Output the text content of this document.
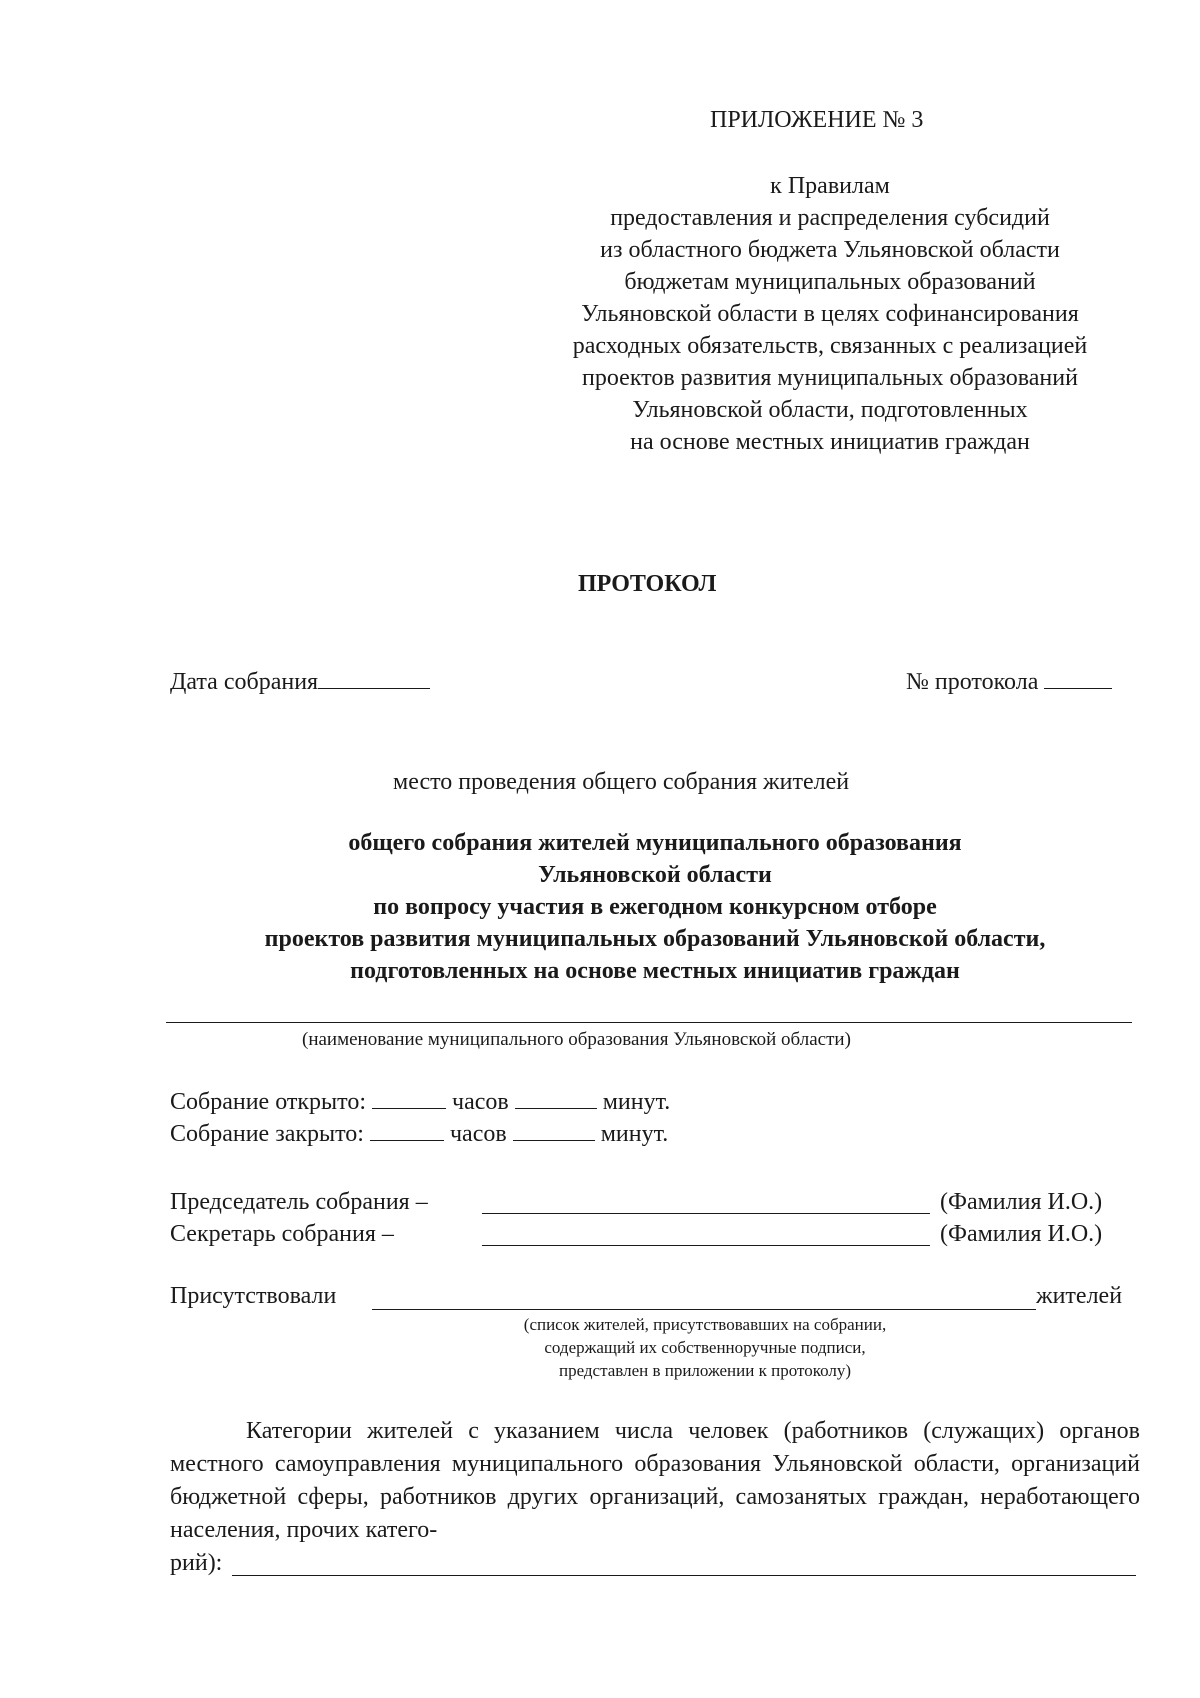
ПРИЛОЖЕНИЕ № 3
к Правилам
предоставления и распределения субсидий
из областного бюджета Ульяновской области
бюджетам муниципальных образований
Ульяновской области в целях софинансирования
расходных обязательств, связанных с реализацией
проектов развития муниципальных образований
Ульяновской области, подготовленных
на основе местных инициатив граждан
ПРОТОКОЛ
Дата собрания	№ протокола
место проведения общего собрания жителей
общего собрания жителей муниципального образования
Ульяновской области
по вопросу участия в ежегодном конкурсном отборе
проектов развития муниципальных образований Ульяновской области,
подготовленных на основе местных инициатив граждан
(наименование муниципального образования Ульяновской области)
Собрание открыто:	часов	минут.
Собрание закрыто:	часов	минут.
Председатель собрания –	(Фамилия И.О.)
Секретарь собрания –	(Фамилия И.О.)
Присутствовали	жителей
(список жителей, присутствовавших на собрании,
содержащий их собственноручные подписи,
представлен в приложении к протоколу)
Категории жителей с указанием числа человек (работников (служащих) органов местного самоуправления муниципального образования Ульяновской области, организаций бюджетной сферы, работников других организаций, самозанятых граждан, неработающего населения, прочих катего-
рий):
